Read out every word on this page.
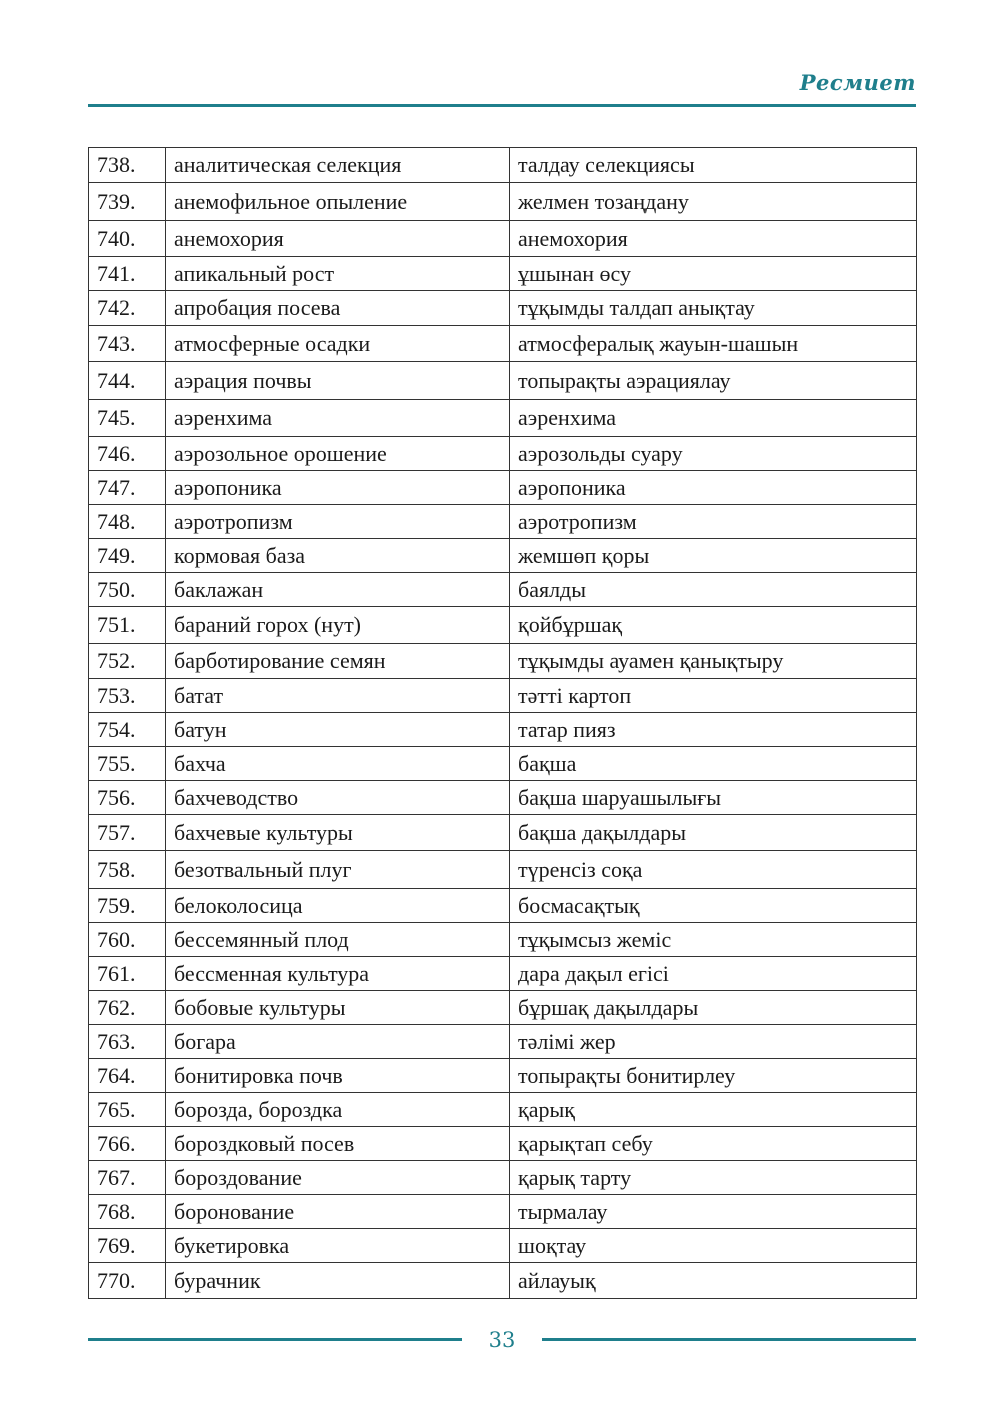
Ресмиет
738.	аналитическая селекция	талдау селекциясы
739.	анемофильное опыление	желмен тозаңдану
740.	анемохория	анемохория
741.	апикальный рост	ұшынан өсу
742.	апробация посева	тұқымды талдап анықтау
743.	атмосферные осадки	атмосфералық жауын-шашын
744.	аэрация почвы	топырақты аэрациялау
745.	аэренхима	аэренхима
746.	аэрозольное орошение	аэрозольды суару
747.	аэропоника	аэропоника
748.	аэротропизм	аэротропизм
749.	кормовая база	жемшөп қоры
750.	баклажан	баялды
751.	бараний горох (нут)	қойбұршақ
752.	барботирование семян	тұқымды ауамен қанықтыру
753.	батат	тәтті картоп
754.	батун	татар пияз
755.	бахча	бақша
756.	бахчеводство	бақша шаруашылығы
757.	бахчевые культуры	бақша дақылдары
758.	безотвальный плуг	түренсіз соқа
759.	белоколосица	босмасақтық
760.	бессемянный плод	тұқымсыз жеміс
761.	бессменная культура	дара дақыл егісі
762.	бобовые культуры	бұршақ дақылдары
763.	богара	тәлімі жер
764.	бонитировка почв	топырақты бонитирлеу
765.	борозда, бороздка	қарық
766.	бороздковый посев	қарықтап себу
767.	бороздование	қарық тарту
768.	боронование	тырмалау
769.	букетировка	шоқтау
770.	бурачник	айлауық
33
